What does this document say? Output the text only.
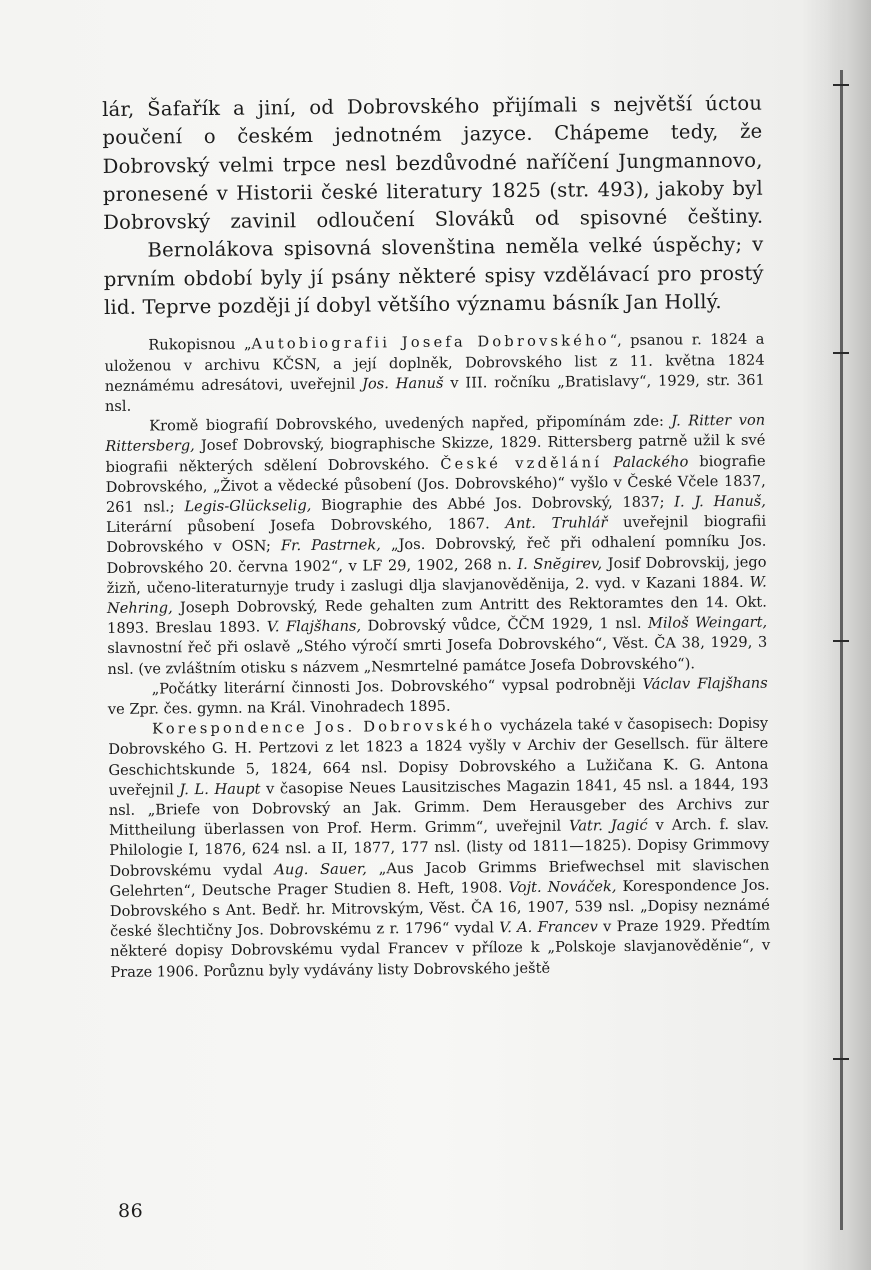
lár, Šafařík a jiní, od Dobrovského přijímali s největší úctou poučení o českém jednotném jazyce. Chápeme tedy, že Dobrovský velmi trpce nesl bezdůvodné naříčení Jungmannovo, pronesené v Historii české literatury 1825 (str. 493), jakoby byl Dobrovský zavinil odloučení Slováků od spisovné češtiny.

Bernolákova spisovná slovenština neměla velké úspěchy; v prvním období byly jí psány některé spisy vzdělávací pro prostý lid. Teprve později jí dobyl většího významu básník Jan Hollý.

Rukopisnou „Autobiografii Josefa Dobrovského“, psanou r. 1824 a uloženou v archivu KČSN, a její doplněk, Dobrovského list z 11. května 1824 neznámému adresátovi, uveřejnil Jos. Hanuš v III. ročníku „Bratislavy“, 1929, str. 361 nsl.

Kromě biografií Dobrovského, uvedených napřed, připomínám zde: J. Ritter von Rittersberg, Josef Dobrovský, biographische Skizze, 1829. Rittersberg patrně užil k své biografii některých sdělení Dobrovského. České vzdělání Palackého biografie Dobrovského, „Život a vědecké působení (Jos. Dobrovského)“ vyšlo v České Včele 1837, 261 nsl.; Legis-Glückselig, Biographie des Abbé Jos. Dobrovský, 1837; I. J. Hanuš, Literární působení Josefa Dobrovského, 1867. Ant. Truhlář uveřejnil biografii Dobrovského v OSN; Fr. Pastrnek, „Jos. Dobrovský, řeč při odhalení pomníku Jos. Dobrovského 20. června 1902“, v LF 29, 1902, 268 n. I. Snĕgirev, Josif Dobrovskij, jego žizň, učeno-literaturnyje trudy i zaslugi dlja slavjanověděnija, 2. vyd. v Kazani 1884. W. Nehring, Joseph Dobrovský, Rede gehalten zum Antritt des Rektoramtes den 14. Okt. 1893. Breslau 1893. V. Flajšhans, Dobrovský vůdce, ČČM 1929, 1 nsl. Miloš Weingart, slavnostní řeč při oslavě „Stého výročí smrti Josefa Dobrovského“, Věst. ČA 38, 1929, 3 nsl. (ve zvláštním otisku s názvem „Nesmrtelné památce Josefa Dobrovského“).

„Počátky literární činnosti Jos. Dobrovského“ vypsal podrobněji Václav Flajšhans ve Zpr. čes. gymn. na Král. Vinohradech 1895.

Korespondence Jos. Dobrovského vycházela také v časopisech: Dopisy Dobrovského G. H. Pertzovi z let 1823 a 1824 vyšly v Archiv der Gesellsch. für ältere Geschichtskunde 5, 1824, 664 nsl. Dopisy Dobrovského a Lužičana K. G. Antona uveřejnil J. L. Haupt v časopise Neues Lausitzisches Magazin 1841, 45 nsl. a 1844, 193 nsl. „Briefe von Dobrovský an Jak. Grimm. Dem Herausgeber des Archivs zur Mittheilung überlassen von Prof. Herm. Grimm“, uveřejnil Vatr. Jagić v Arch. f. slav. Philologie I, 1876, 624 nsl. a II, 1877, 177 nsl. (listy od 1811—1825). Dopisy Grimmovy Dobrovskému vydal Aug. Sauer, „Aus Jacob Grimms Briefwechsel mit slavischen Gelehrten“, Deutsche Prager Studien 8. Heft, 1908. Vojt. Nováček, Korespondence Jos. Dobrovského s Ant. Bedř. hr. Mitrovským, Věst. ČA 16, 1907, 539 nsl. „Dopisy neznámé české šlechtičny Jos. Dobrovskému z r. 1796“ vydal V. A. Francev v Praze 1929. Předtím některé dopisy Dobrovskému vydal Francev v příloze k „Polskoje slavjanověděnie“, v Praze 1906. Porůznu byly vydávány listy Dobrovského ještě

86
